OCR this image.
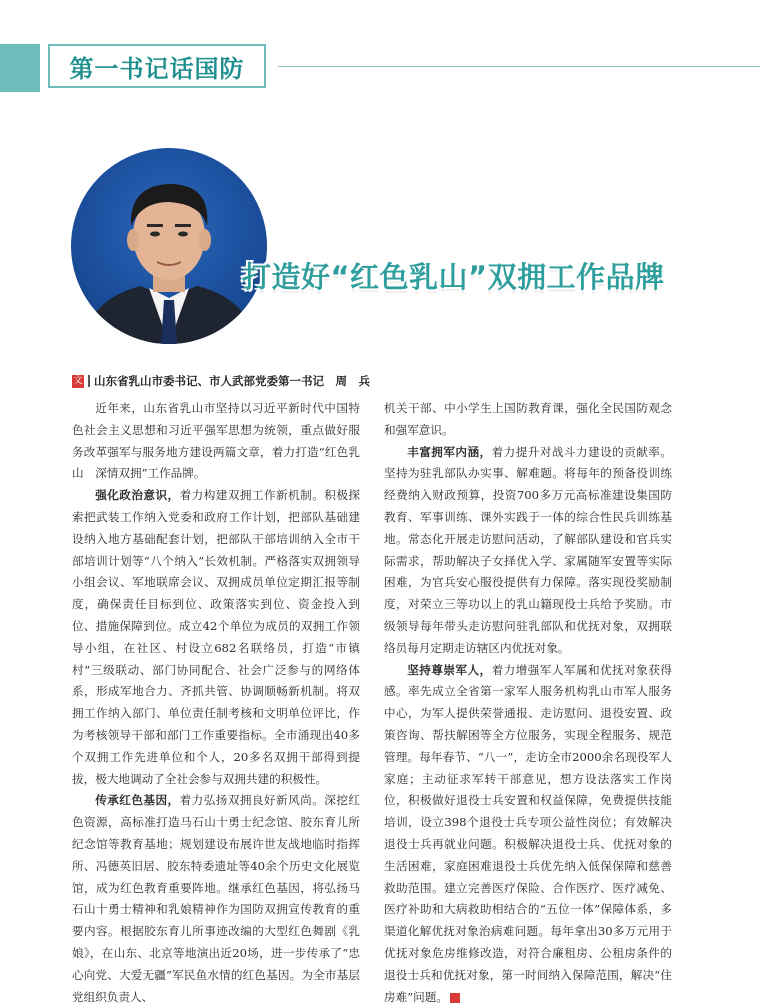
第一书记话国防
打造好“红色乳山”双拥工作品牌
文 山东省乳山市委书记、市人武部党委第一书记　周　兵

近年来，山东省乳山市坚持以习近平新时代中国特色社会主义思想和习近平强军思想为统领，重点做好服务改革强军与服务地方建设两篇文章，着力打造“红色乳山　深情双拥”工作品牌。

强化政治意识，着力构建双拥工作新机制。积极探索把武装工作纳入党委和政府工作计划，把部队基础建设纳入地方基础配套计划，把部队干部培训纳入全市干部培训计划等“八个纳入”长效机制。严格落实双拥领导小组会议、军地联席会议、双拥成员单位定期汇报等制度，确保责任目标到位、政策落实到位、资金投入到位、措施保障到位。成立42个单位为成员的双拥工作领导小组，在社区、村设立682名联络员，打造“市镇村”三级联动、部门协同配合、社会广泛参与的网络体系，形成军地合力、齐抓共管、协调顺畅新机制。将双拥工作纳入部门、单位责任制考核和文明单位评比，作为考核领导干部和部门工作重要指标。全市涌现出40多个双拥工作先进单位和个人，20多名双拥干部得到提拔，极大地调动了全社会参与双拥共建的积极性。

传承红色基因，着力弘扬双拥良好新风尚。深挖红色资源，高标准打造马石山十勇士纪念馆、胶东育儿所纪念馆等教育基地；规划建设布展许世友战地临时指挥所、冯德英旧居、胶东特委遗址等40余个历史文化展览馆，成为红色教育重要阵地。继承红色基因，将弘扬马石山十勇士精神和乳娘精神作为国防双拥宣传教育的重要内容。根据胶东育儿所事迹改编的大型红色舞剧《乳娘》，在山东、北京等地演出近20场，进一步传承了“忠心向党、大爱无疆”军民鱼水情的红色基因。为全市基层党组织负责人、

机关干部、中小学生上国防教育课，强化全民国防观念和强军意识。

丰富拥军内涵，着力提升对战斗力建设的贡献率。坚持为驻乳部队办实事、解难题。将每年的预备役训练经费纳入财政预算，投资700多万元高标准建设集国防教育、军事训练、课外实践于一体的综合性民兵训练基地。常态化开展走访慰问活动，了解部队建设和官兵实际需求，帮助解决子女择优入学、家属随军安置等实际困难，为官兵安心服役提供有力保障。落实现役奖励制度，对荣立三等功以上的乳山籍现役士兵给予奖励。市级领导每年带头走访慰问驻乳部队和优抚对象，双拥联络员每月定期走访辖区内优抚对象。

坚持尊崇军人，着力增强军人军属和优抚对象获得感。率先成立全省第一家军人服务机构乳山市军人服务中心，为军人提供荣誉通报、走访慰问、退役安置、政策咨询、帮扶解困等全方位服务，实现全程服务、规范管理。每年春节、“八一”，走访全市2000余名现役军人家庭；主动征求军转干部意见，想方设法落实工作岗位，积极做好退役士兵安置和权益保障，免费提供技能培训，设立398个退役士兵专项公益性岗位；有效解决退役士兵再就业问题。积极解决退役士兵、优抚对象的生活困难，家庭困难退役士兵优先纳入低保保障和慈善救助范围。建立完善医疗保险、合作医疗、医疗减免、医疗补助和大病救助相结合的“五位一体”保障体系，多渠道化解优抚对象治病难问题。每年拿出30多万元用于优抚对象危房维修改造，对符合廉租房、公租房条件的退役士兵和优抚对象，第一时间纳入保障范围，解决“住房难”问题。	G
